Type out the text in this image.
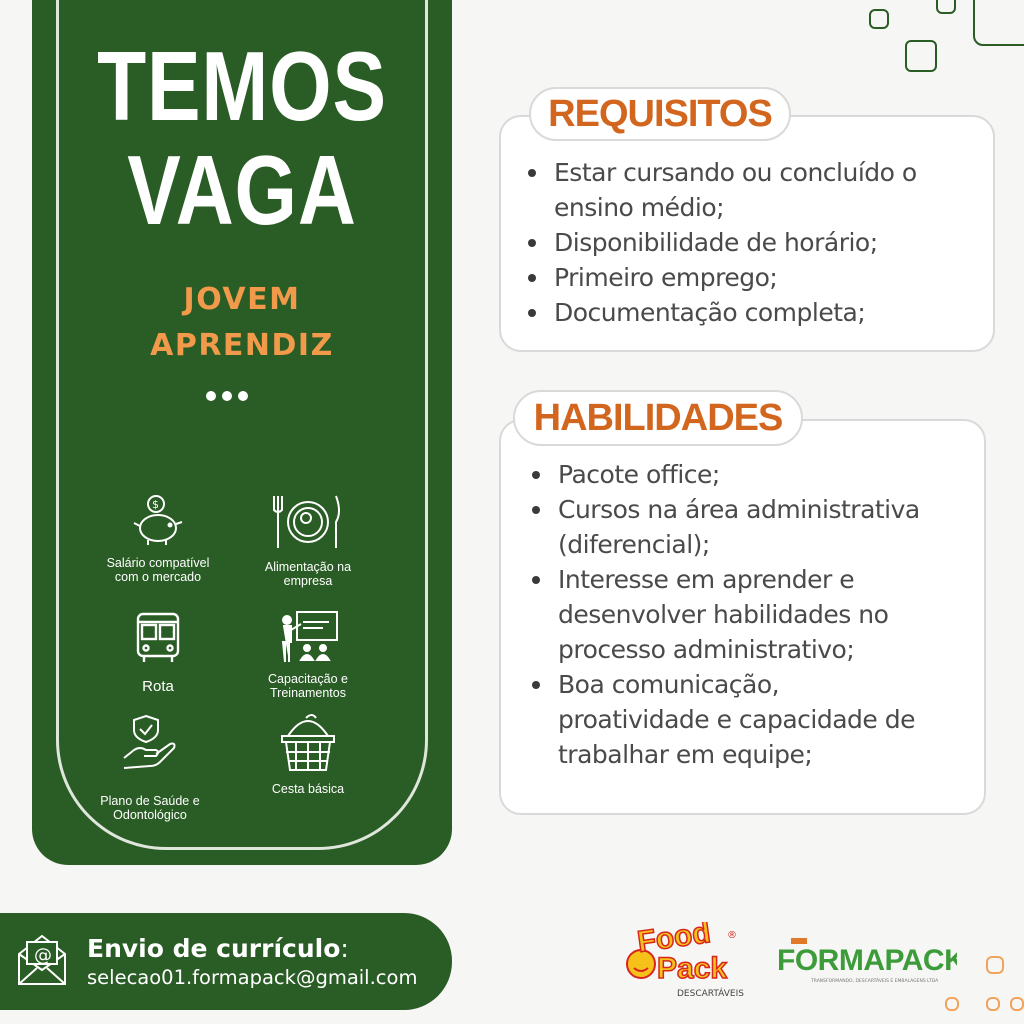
TEMOS
VAGA
JOVEM
APRENDIZ
$
Salário compatível
com o mercado
Alimentação na
empresa
Rota	Capacitação e
Treinamentos
Plano de Saúde e
Odontológico
Cesta básica
REQUISITOS
Estar cursando ou concluído o
ensino médio;
Disponibilidade de horário;
Primeiro emprego;
Documentação completa;
HABILIDADES
Pacote office;
Cursos na área administrativa
(diferencial);
Interesse em aprender e
desenvolver habilidades no
processo administrativo;
Boa comunicação,
proatividade e capacidade de
trabalhar em equipe;
@ Envio de currículo:
selecao01.formapack@gmail.com
Food
Pack
®
DESCARTÁVEIS
FORMAPACK
TRANSFORMANDO, DESCARTÁVEIS E EMBALAGENS LTDA
